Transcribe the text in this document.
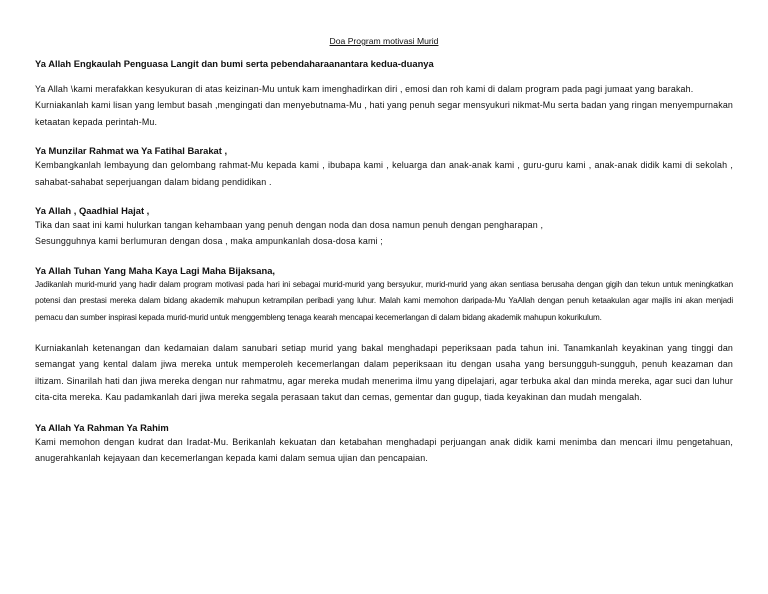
Doa Program motivasi Murid

Ya Allah Engkaulah Penguasa Langit dan bumi serta pebendaharaanantara kedua-duanya

Ya Allah \kami merafakkan kesyukuran di atas keizinan-Mu untuk kam imenghadirkan diri , emosi dan roh kami di dalam program pada pagi jumaat yang barakah.

Kurniakanlah kami lisan yang lembut basah ,mengingati dan menyebutnama-Mu , hati yang penuh segar mensyukuri nikmat-Mu serta badan yang ringan menyempurnakan ketaatan kepada perintah-Mu.

Ya Munzilar Rahmat wa Ya Fatihal Barakat ,

Kembangkanlah lembayung dan gelombang rahmat-Mu kepada kami , ibubapa kami , keluarga dan anak-anak kami , guru-guru kami , anak-anak didik kami di sekolah , sahabat-sahabat seperjuangan dalam bidang pendidikan .

Ya Allah , Qaadhial Hajat ,

Tika dan saat ini kami hulurkan tangan kehambaan yang penuh dengan noda dan dosa namun penuh dengan pengharapan ,

Sesungguhnya kami berlumuran dengan dosa , maka ampunkanlah dosa-dosa kami ;

Ya Allah Tuhan Yang Maha Kaya Lagi Maha Bijaksana,

Jadikanlah murid-murid yang hadir dalam program motivasi pada hari ini sebagai murid-murid yang bersyukur, murid-murid yang akan sentiasa berusaha dengan gigih dan tekun untuk meningkatkan potensi dan prestasi mereka dalam bidang akademik mahupun ketrampilan peribadi yang luhur. Malah kami memohon daripada-Mu YaAllah dengan penuh ketaakulan agar majlis ini akan menjadi pemacu dan sumber inspirasi kepada murid-murid untuk menggembleng tenaga kearah mencapai kecemerlangan di dalam bidang akademik mahupun kokurikulum.

Kurniakanlah ketenangan dan kedamaian dalam sanubari setiap murid yang bakal menghadapi peperiksaan pada tahun ini. Tanamkanlah keyakinan yang tinggi dan semangat yang kental dalam jiwa mereka untuk memperoleh kecemerlangan dalam peperiksaan itu dengan usaha yang bersungguh-sungguh, penuh keazaman dan iltizam. Sinarilah hati dan jiwa mereka dengan nur rahmatmu, agar mereka mudah menerima ilmu yang dipelajari, agar terbuka akal dan minda mereka, agar suci dan luhur cita-cita mereka. Kau padamkanlah dari jiwa mereka segala perasaan takut dan cemas, gementar dan gugup, tiada keyakinan dan mudah mengalah.

Ya Allah Ya Rahman Ya Rahim

Kami memohon dengan kudrat dan Iradat-Mu. Berikanlah kekuatan dan ketabahan menghadapi perjuangan anak didik kami menimba dan mencari ilmu pengetahuan, anugerahkanlah kejayaan dan kecemerlangan kepada kami dalam semua ujian dan pencapaian.
